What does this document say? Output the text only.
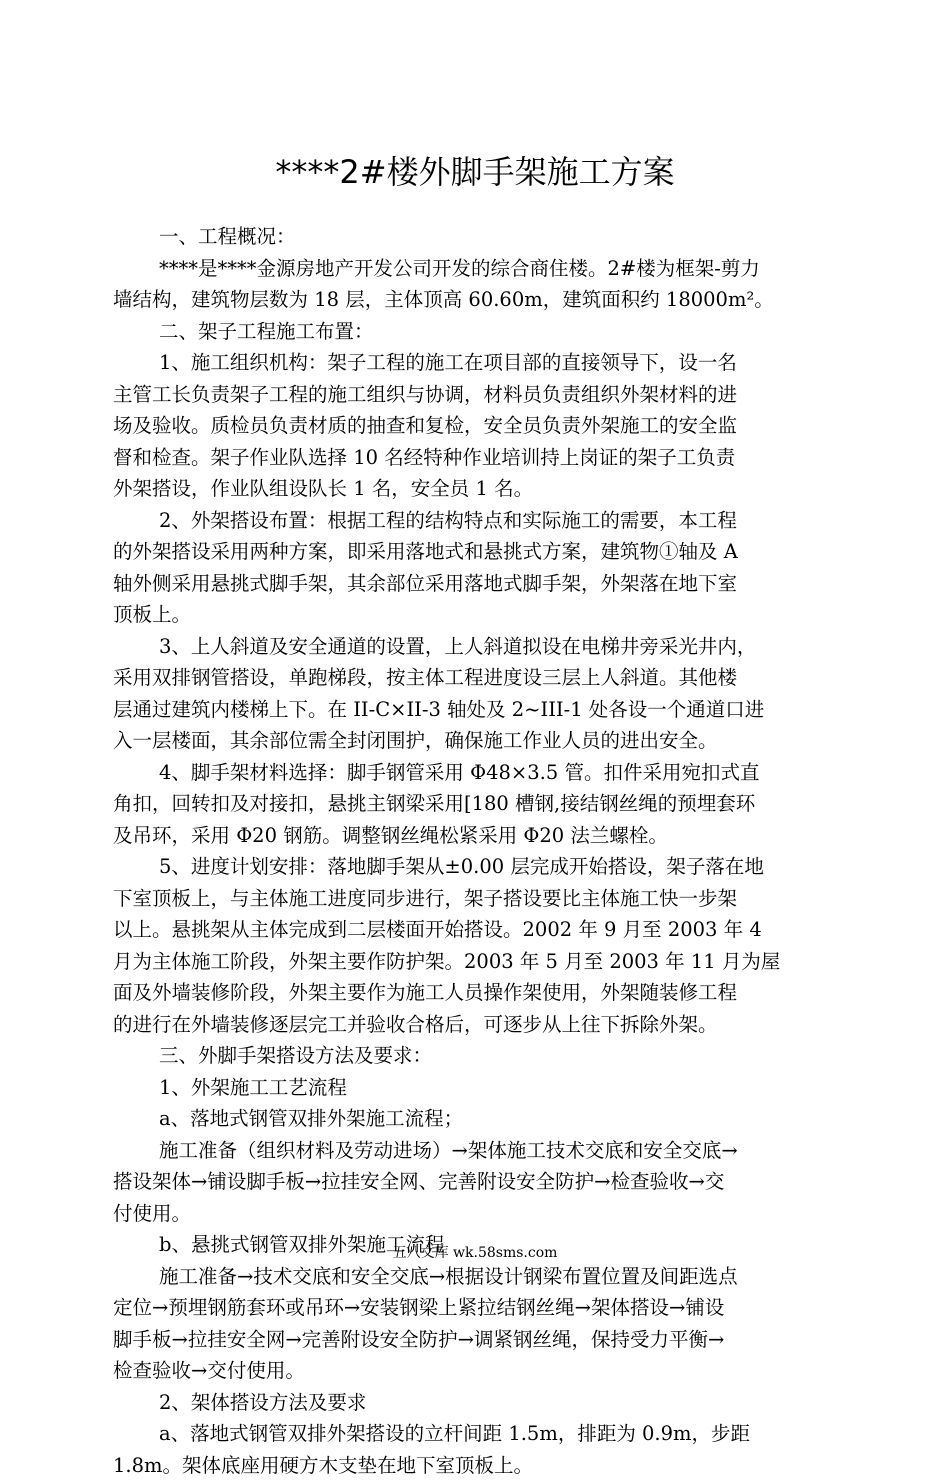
****2#楼外脚手架施工方案
一、工程概况：
****是****金源房地产开发公司开发的综合商住楼。2#楼为框架-剪力
墙结构，建筑物层数为 18 层，主体顶高 60.60m，建筑面积约 18000m²。
二、架子工程施工布置：
1、施工组织机构：架子工程的施工在项目部的直接领导下，设一名
主管工长负责架子工程的施工组织与协调，材料员负责组织外架材料的进
场及验收。质检员负责材质的抽查和复检，安全员负责外架施工的安全监
督和检查。架子作业队选择 10 名经特种作业培训持上岗证的架子工负责
外架搭设，作业队组设队长 1 名，安全员 1 名。
2、外架搭设布置：根据工程的结构特点和实际施工的需要，本工程
的外架搭设采用两种方案，即采用落地式和悬挑式方案，建筑物①轴及 A
轴外侧采用悬挑式脚手架，其余部位采用落地式脚手架，外架落在地下室
顶板上。
3、上人斜道及安全通道的设置，上人斜道拟设在电梯井旁采光井内，
采用双排钢管搭设，单跑梯段，按主体工程进度设三层上人斜道。其他楼
层通过建筑内楼梯上下。在 II-C×II-3 轴处及 2~III-1 处各设一个通道口进
入一层楼面，其余部位需全封闭围护，确保施工作业人员的进出安全。
4、脚手架材料选择：脚手钢管采用 Φ48×3.5 管。扣件采用宛扣式直
角扣，回转扣及对接扣，悬挑主钢梁采用[180 槽钢,接结钢丝绳的预埋套环
及吊环，采用 Φ20 钢筋。调整钢丝绳松紧采用 Φ20 法兰螺栓。
5、进度计划安排：落地脚手架从±0.00 层完成开始搭设，架子落在地
下室顶板上，与主体施工进度同步进行，架子搭设要比主体施工快一步架
以上。悬挑架从主体完成到二层楼面开始搭设。2002 年 9 月至 2003 年 4
月为主体施工阶段，外架主要作防护架。2003 年 5 月至 2003 年 11 月为屋
面及外墙装修阶段，外架主要作为施工人员操作架使用，外架随装修工程
的进行在外墙装修逐层完工并验收合格后，可逐步从上往下拆除外架。
三、外脚手架搭设方法及要求：
1、外架施工工艺流程
a、落地式钢管双排外架施工流程；
施工准备（组织材料及劳动进场）→架体施工技术交底和安全交底→
搭设架体→铺设脚手板→拉挂安全网、完善附设安全防护→检查验收→交
付使用。
b、悬挑式钢管双排外架施工流程
施工准备→技术交底和安全交底→根据设计钢梁布置位置及间距选点
定位→预埋钢筋套环或吊环→安装钢梁上紧拉结钢丝绳→架体搭设→铺设
脚手板→拉挂安全网→完善附设安全防护→调紧钢丝绳，保持受力平衡→
检查验收→交付使用。
2、架体搭设方法及要求
a、落地式钢管双排外架搭设的立杆间距 1.5m，排距为 0.9m，步距
1.8m。架体底座用硬方木支垫在地下室顶板上。
五八文库 wk.58sms.com
